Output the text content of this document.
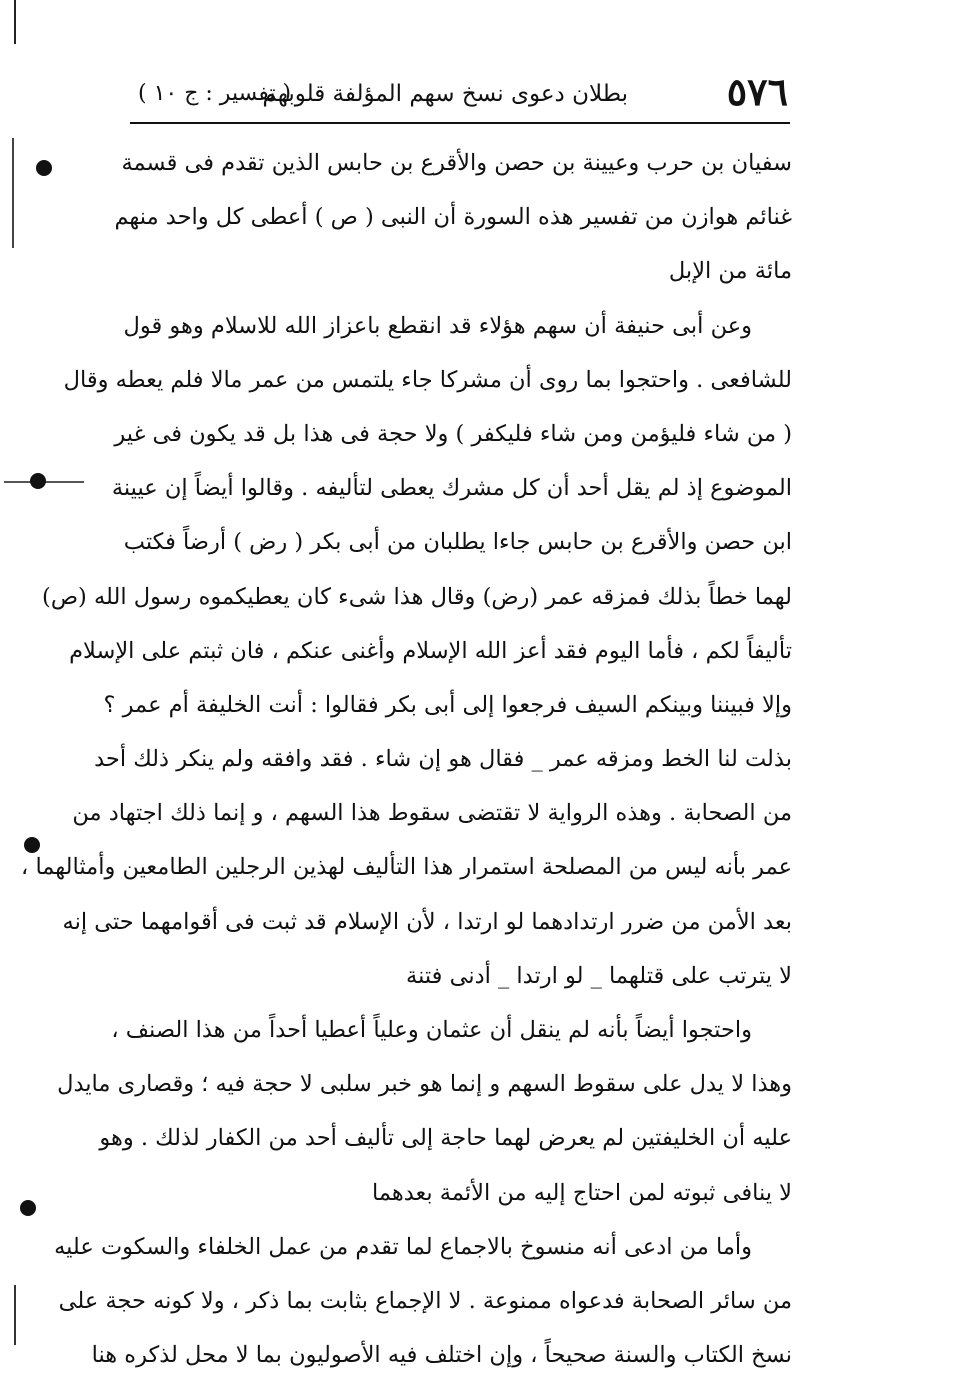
٥٧٦
بطلان دعوى نسخ سهم المؤلفة قلوبهم
( تفسير : ج ١٠ )
سفيان بن حرب وعيينة بن حصن والأقرع بن حابس الذين تقدم فى قسمة
غنائم هوازن من تفسير هذه السورة أن النبى ( ص ) أعطى كل واحد منهم
مائة من الإبل
وعن أبى حنيفة أن سهم هؤلاء قد انقطع باعزاز الله للاسلام وهو قول
للشافعى . واحتجوا بما روى أن مشركا جاء يلتمس من عمر مالا فلم يعطه وقال
( من شاء فليؤمن ومن شاء فليكفر ) ولا حجة فى هذا بل قد يكون فى غير
الموضوع إذ لم يقل أحد أن كل مشرك يعطى لتأليفه . وقالوا أيضاً إن عيينة
ابن حصن والأقرع بن حابس جاءا يطلبان من أبى بكر ( رض ) أرضاً فكتب
لهما خطاً بذلك فمزقه عمر (رض) وقال هذا شىء كان يعطيكموه رسول الله (ص)
تأليفاً لكم ، فأما اليوم فقد أعز الله الإسلام وأغنى عنكم ، فان ثبتم على الإسلام
وإلا فبيننا وبينكم السيف فرجعوا إلى أبى بكر فقالوا : أنت الخليفة أم عمر ؟
بذلت لنا الخط ومزقه عمر _ فقال هو إن شاء . فقد وافقه ولم ينكر ذلك أحد
من الصحابة . وهذه الرواية لا تقتضى سقوط هذا السهم ، و إنما ذلك اجتهاد من
عمر بأنه ليس من المصلحة استمرار هذا التأليف لهذين الرجلين الطامعين وأمثالهما ،
بعد الأمن من ضرر ارتدادهما لو ارتدا ، لأن الإسلام قد ثبت فى أقوامهما حتى إنه
لا يترتب على قتلهما _ لو ارتدا _ أدنى فتنة
واحتجوا أيضاً بأنه لم ينقل أن عثمان وعلياً أعطيا أحداً من هذا الصنف ،
وهذا لا يدل على سقوط السهم و إنما هو خبر سلبى لا حجة فيه ؛ وقصارى مايدل
عليه أن الخليفتين لم يعرض لهما حاجة إلى تأليف أحد من الكفار لذلك . وهو
لا ينافى ثبوته لمن احتاج إليه من الأئمة بعدهما
وأما من ادعى أنه منسوخ بالاجماع لما تقدم من عمل الخلفاء والسكوت عليه
من سائر الصحابة فدعواه ممنوعة . لا الإجماع بثابت بما ذكر ، ولا كونه حجة على
نسخ الكتاب والسنة صحيحاً ، وإن اختلف فيه الأصوليون بما لا محل لذكره هنا
